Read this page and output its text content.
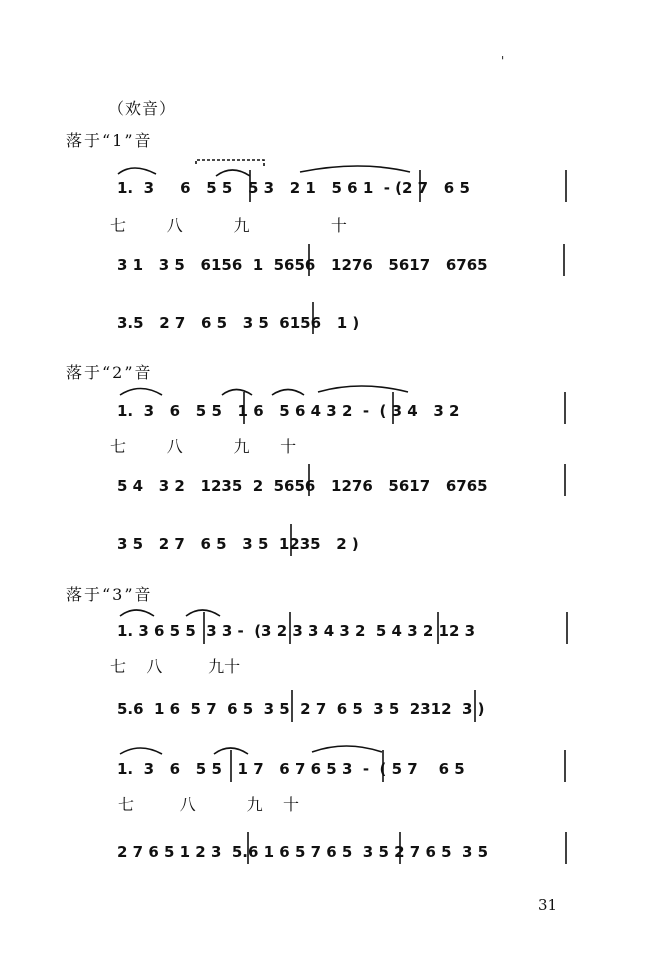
（欢音）
'
落于“1”音
1.  3     6   5 5   5 3   2 1   5 6 1  - (2 7   6 5
七        八          九                十
3 1   3 5   6156  1  5656   1276   5617   6765
3.5   2 7   6 5   3 5  6156   1 )
落于“2”音
1.  3   6   5 5   1 6   5 6 4 3 2  -  ( 3 4   3 2
七        八          九      十
5 4   3 2   1235  2  5656   1276   5617   6765
3 5   2 7   6 5   3 5  1235   2 )
落于“3”音
1. 3 6 5 5  3 3 -  (3 2 3 3 4 3 2  5 4 3 2 12 3
七    八         九十
5.6  1 6  5 7  6 5  3 5  2 7  6 5  3 5  2312  3 )
1.  3   6   5 5   1 7   6 7 6 5 3  -  ( 5 7    6 5
七         八          九    十
2 7 6 5 1 2 3  5.6 1 6 5 7 6 5  3 5 2 7 6 5  3 5
31
